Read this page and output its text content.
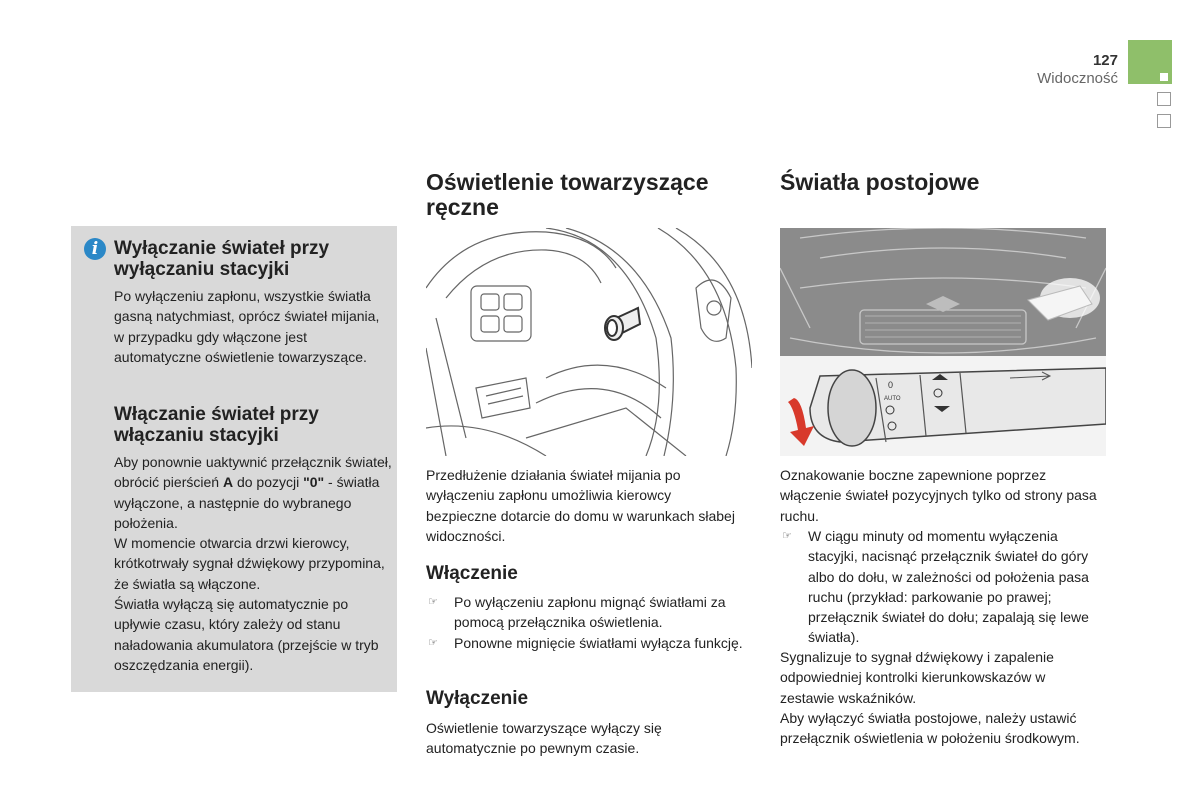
127
Widoczność
i Wyłączanie świateł przy wyłączaniu stacyjki

Po wyłączeniu zapłonu, wszystkie światła gasną natychmiast, oprócz świateł mijania, w przypadku gdy włączone jest automatyczne oświetlenie towarzyszące.

Włączanie świateł przy włączaniu stacyjki

Aby ponownie uaktywnić przełącznik świateł, obrócić pierścień A do pozycji "0" - światła wyłączone, a następnie do wybranego położenia.

W momencie otwarcia drzwi kierowcy, krótkotrwały sygnał dźwiękowy przypomina, że światła są włączone.

Światła wyłączą się automatycznie po upływie czasu, który zależy od stanu naładowania akumulatora (przejście w tryb oszczędzania energii).

Oświetlenie towarzyszące ręczne

Przedłużenie działania świateł mijania po wyłączeniu zapłonu umożliwia kierowcy bezpieczne dotarcie do domu w warunkach słabej widoczności.

Włączenie
☞ Po wyłączeniu zapłonu mignąć światłami za pomocą przełącznika oświetlenia.
☞ Ponowne mignięcie światłami wyłącza funkcję.
Wyłączenie

Oświetlenie towarzyszące wyłączy się automatycznie po pewnym czasie.

Światła postojowe
0
AUTO

Oznakowanie boczne zapewnione poprzez włączenie świateł pozycyjnych tylko od strony pasa ruchu.

☞ W ciągu minuty od momentu wyłączenia stacyjki, nacisnąć przełącznik świateł do góry albo do dołu, w zależności od położenia pasa ruchu (przykład: parkowanie po prawej; przełącznik świateł do dołu; zapalają się lewe światła).

Sygnalizuje to sygnał dźwiękowy i zapalenie odpowiedniej kontrolki kierunkowskazów w zestawie wskaźników.

Aby wyłączyć światła postojowe, należy ustawić przełącznik oświetlenia w położeniu środkowym.
